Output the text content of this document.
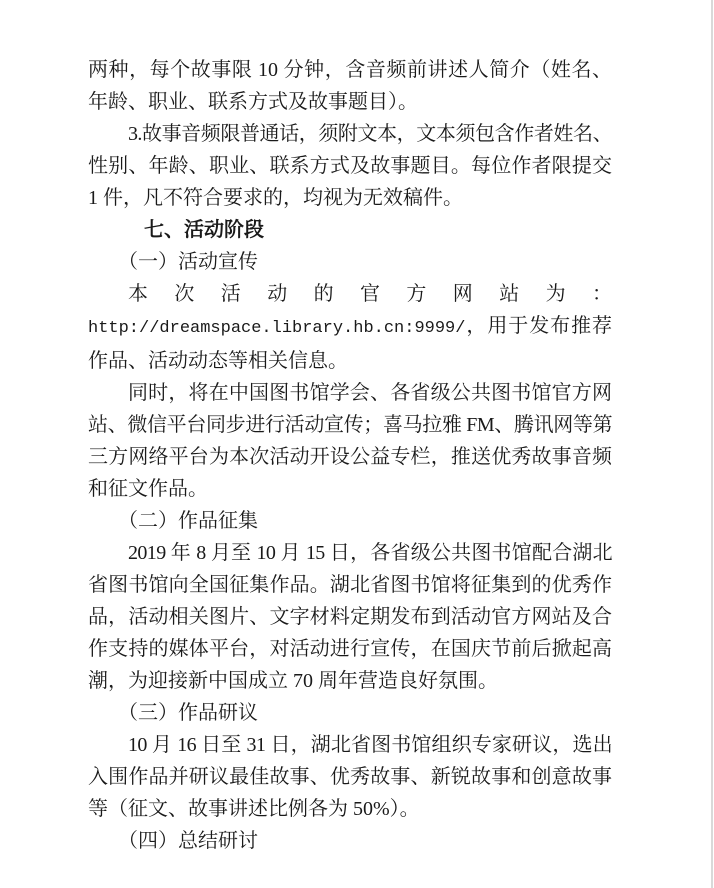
两种，每个故事限 10 分钟，含音频前讲述人简介（姓名、
年龄、职业、联系方式及故事题目）。
3.故事音频限普通话，须附文本，文本须包含作者姓名、
性别、年龄、职业、联系方式及故事题目。每位作者限提交
1 件，凡不符合要求的，均视为无效稿件。
七、活动阶段
（一）活动宣传
本次活动的官方网站为：
http://dreamspace.library.hb.cn:9999/，用于发布推荐
作品、活动动态等相关信息。
同时，将在中国图书馆学会、各省级公共图书馆官方网
站、微信平台同步进行活动宣传；喜马拉雅 FM、腾讯网等第
三方网络平台为本次活动开设公益专栏，推送优秀故事音频
和征文作品。
（二）作品征集
2019 年 8 月至 10 月 15 日，各省级公共图书馆配合湖北
省图书馆向全国征集作品。湖北省图书馆将征集到的优秀作
品，活动相关图片、文字材料定期发布到活动官方网站及合
作支持的媒体平台，对活动进行宣传，在国庆节前后掀起高
潮，为迎接新中国成立 70 周年营造良好氛围。
（三）作品研议
10 月 16 日至 31 日，湖北省图书馆组织专家研议，选出
入围作品并研议最佳故事、优秀故事、新锐故事和创意故事
等（征文、故事讲述比例各为 50%）。
（四）总结研讨
